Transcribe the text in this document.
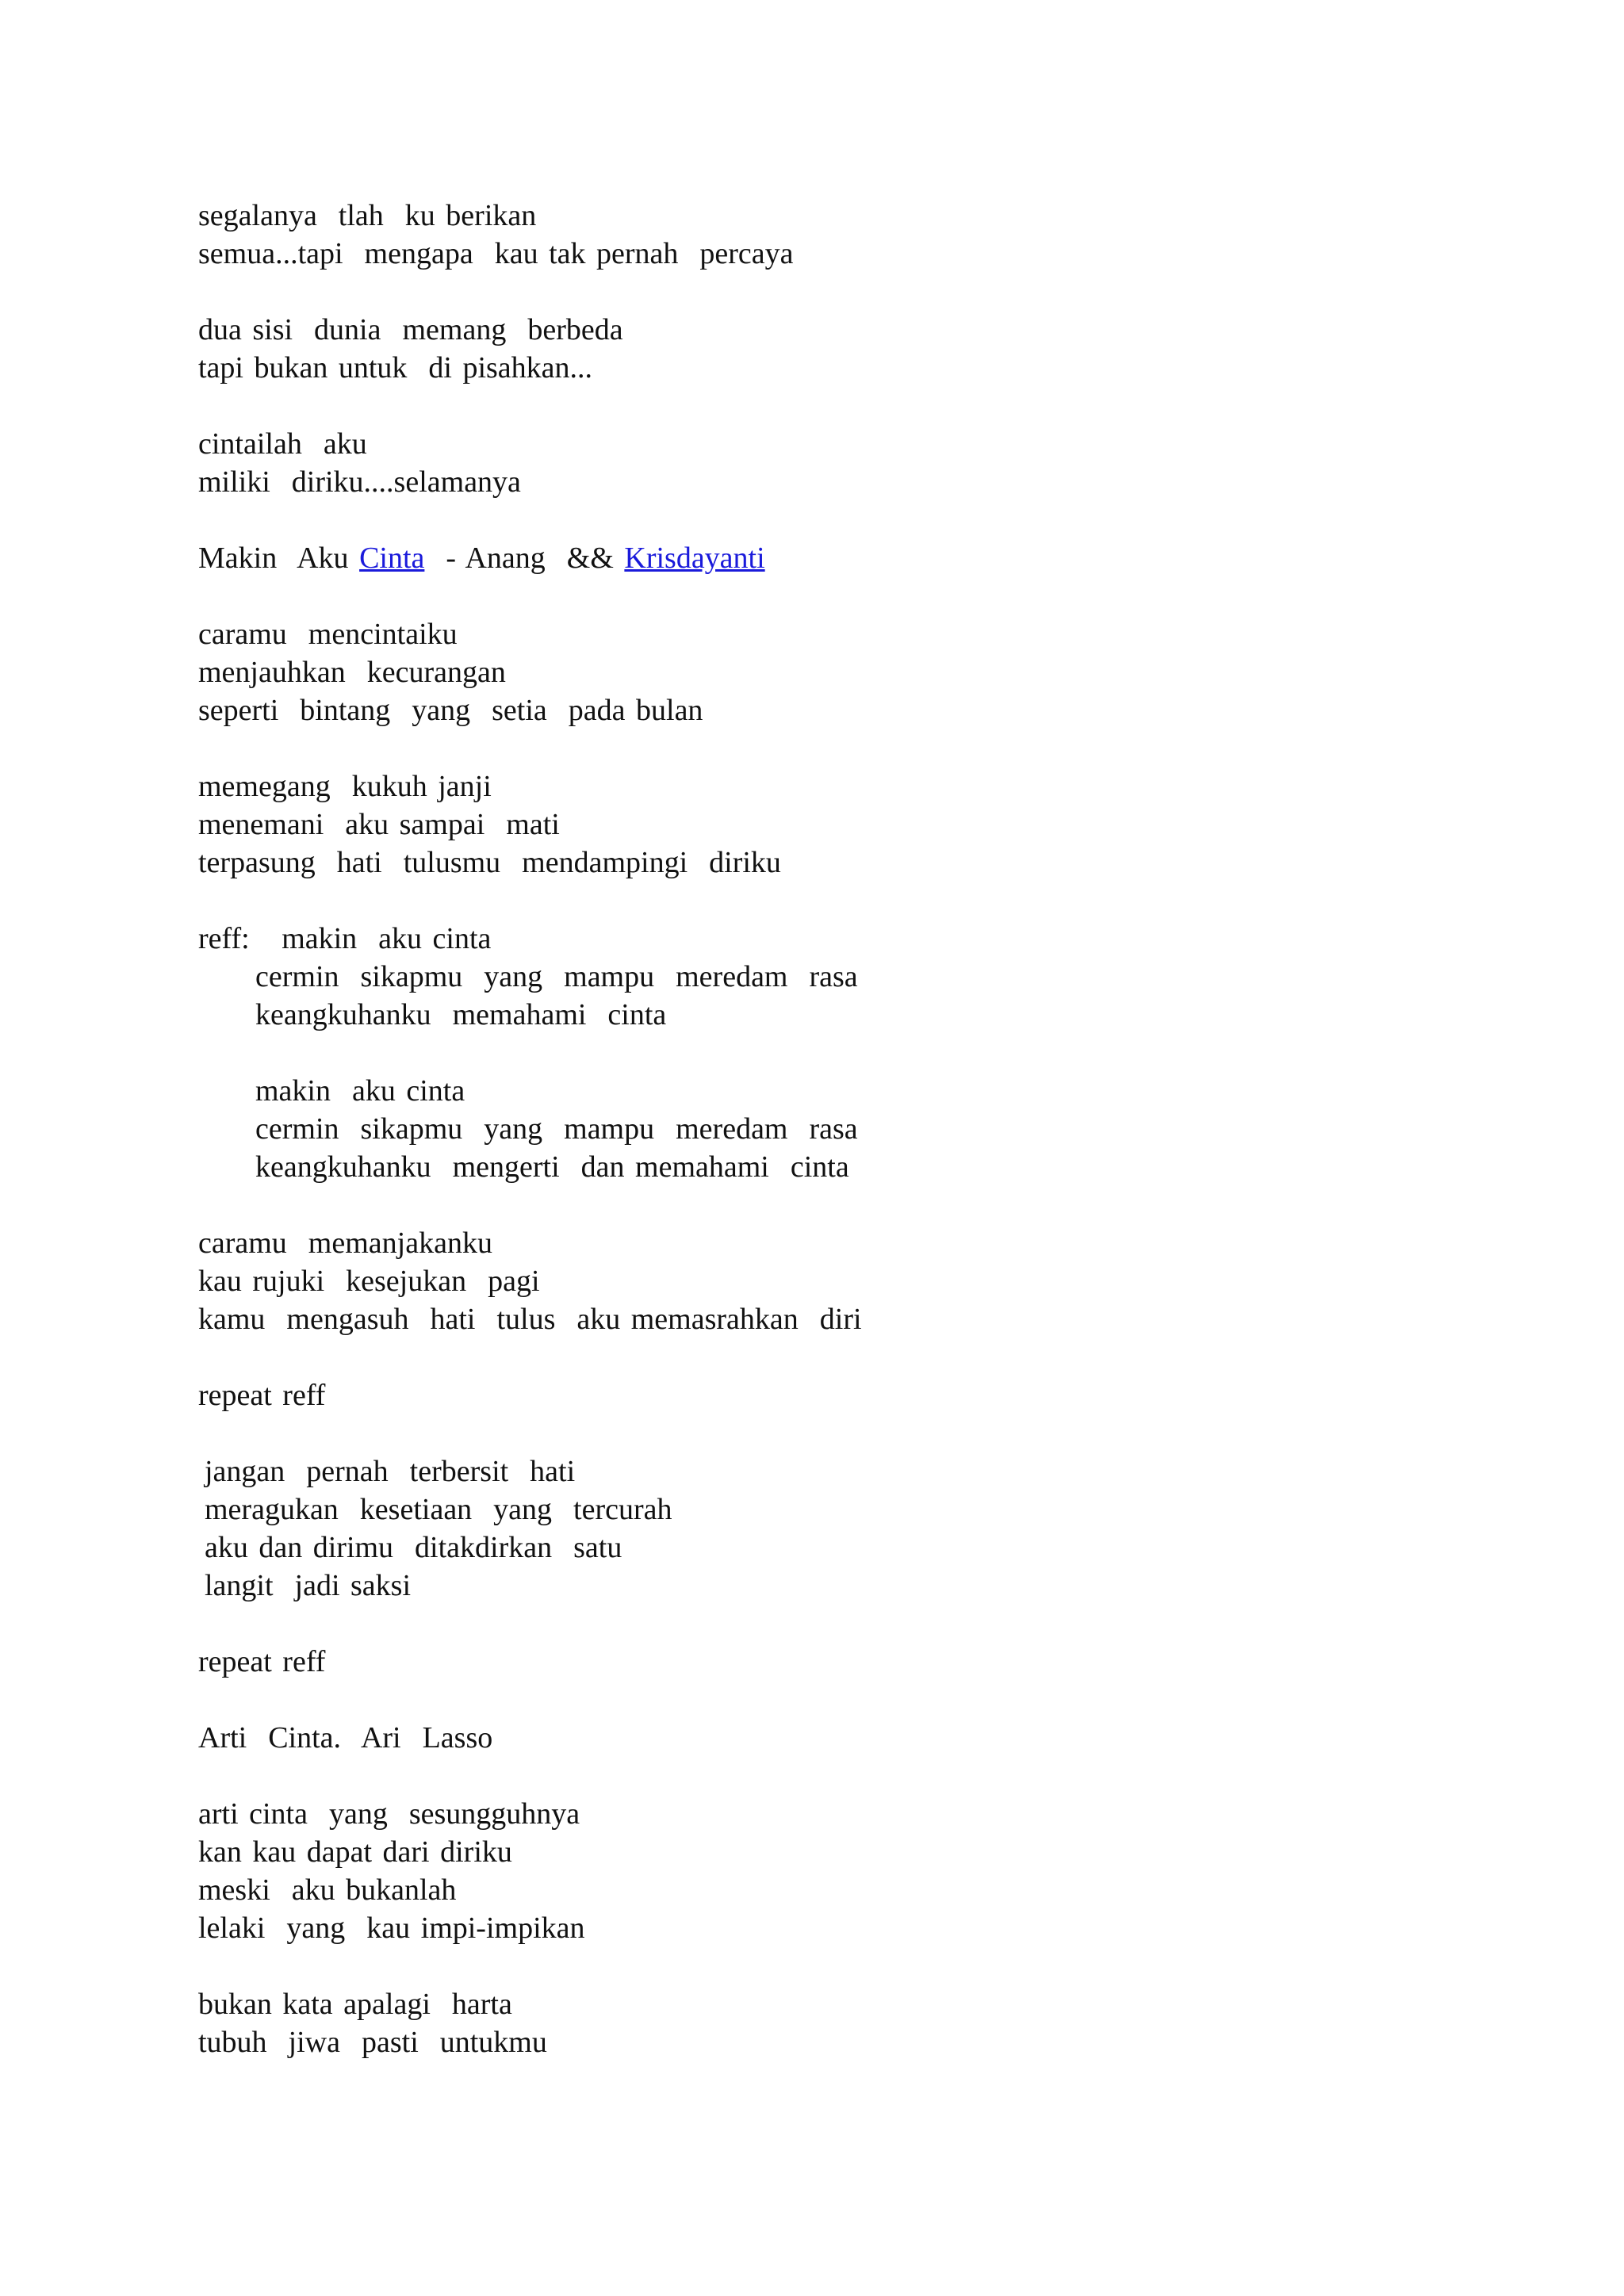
segalanya  tlah  ku berikan
semua...tapi  mengapa  kau tak pernah  percaya
dua sisi  dunia  memang  berbeda
tapi bukan untuk  di pisahkan...
cintailah  aku
miliki  diriku....selamanya
Makin  Aku Cinta  - Anang  && Krisdayanti
caramu  mencintaiku
menjauhkan  kecurangan
seperti  bintang  yang  setia  pada bulan
memegang  kukuh janji
menemani  aku sampai  mati
terpasung  hati  tulusmu  mendampingi  diriku
reff:   makin  aku cinta
cermin  sikapmu  yang  mampu  meredam  rasa
keangkuhanku  memahami  cinta
makin  aku cinta
cermin  sikapmu  yang  mampu  meredam  rasa
keangkuhanku  mengerti  dan memahami  cinta
caramu  memanjakanku
kau rujuki  kesejukan  pagi
kamu  mengasuh  hati  tulus  aku memasrahkan  diri
repeat reff
jangan  pernah  terbersit  hati
meragukan  kesetiaan  yang  tercurah
aku dan dirimu  ditakdirkan  satu
langit  jadi saksi
repeat reff
Arti  Cinta.  Ari  Lasso
arti cinta  yang  sesungguhnya
kan kau dapat dari diriku
meski  aku bukanlah
lelaki  yang  kau impi-impikan
bukan kata apalagi  harta
tubuh  jiwa  pasti  untukmu
